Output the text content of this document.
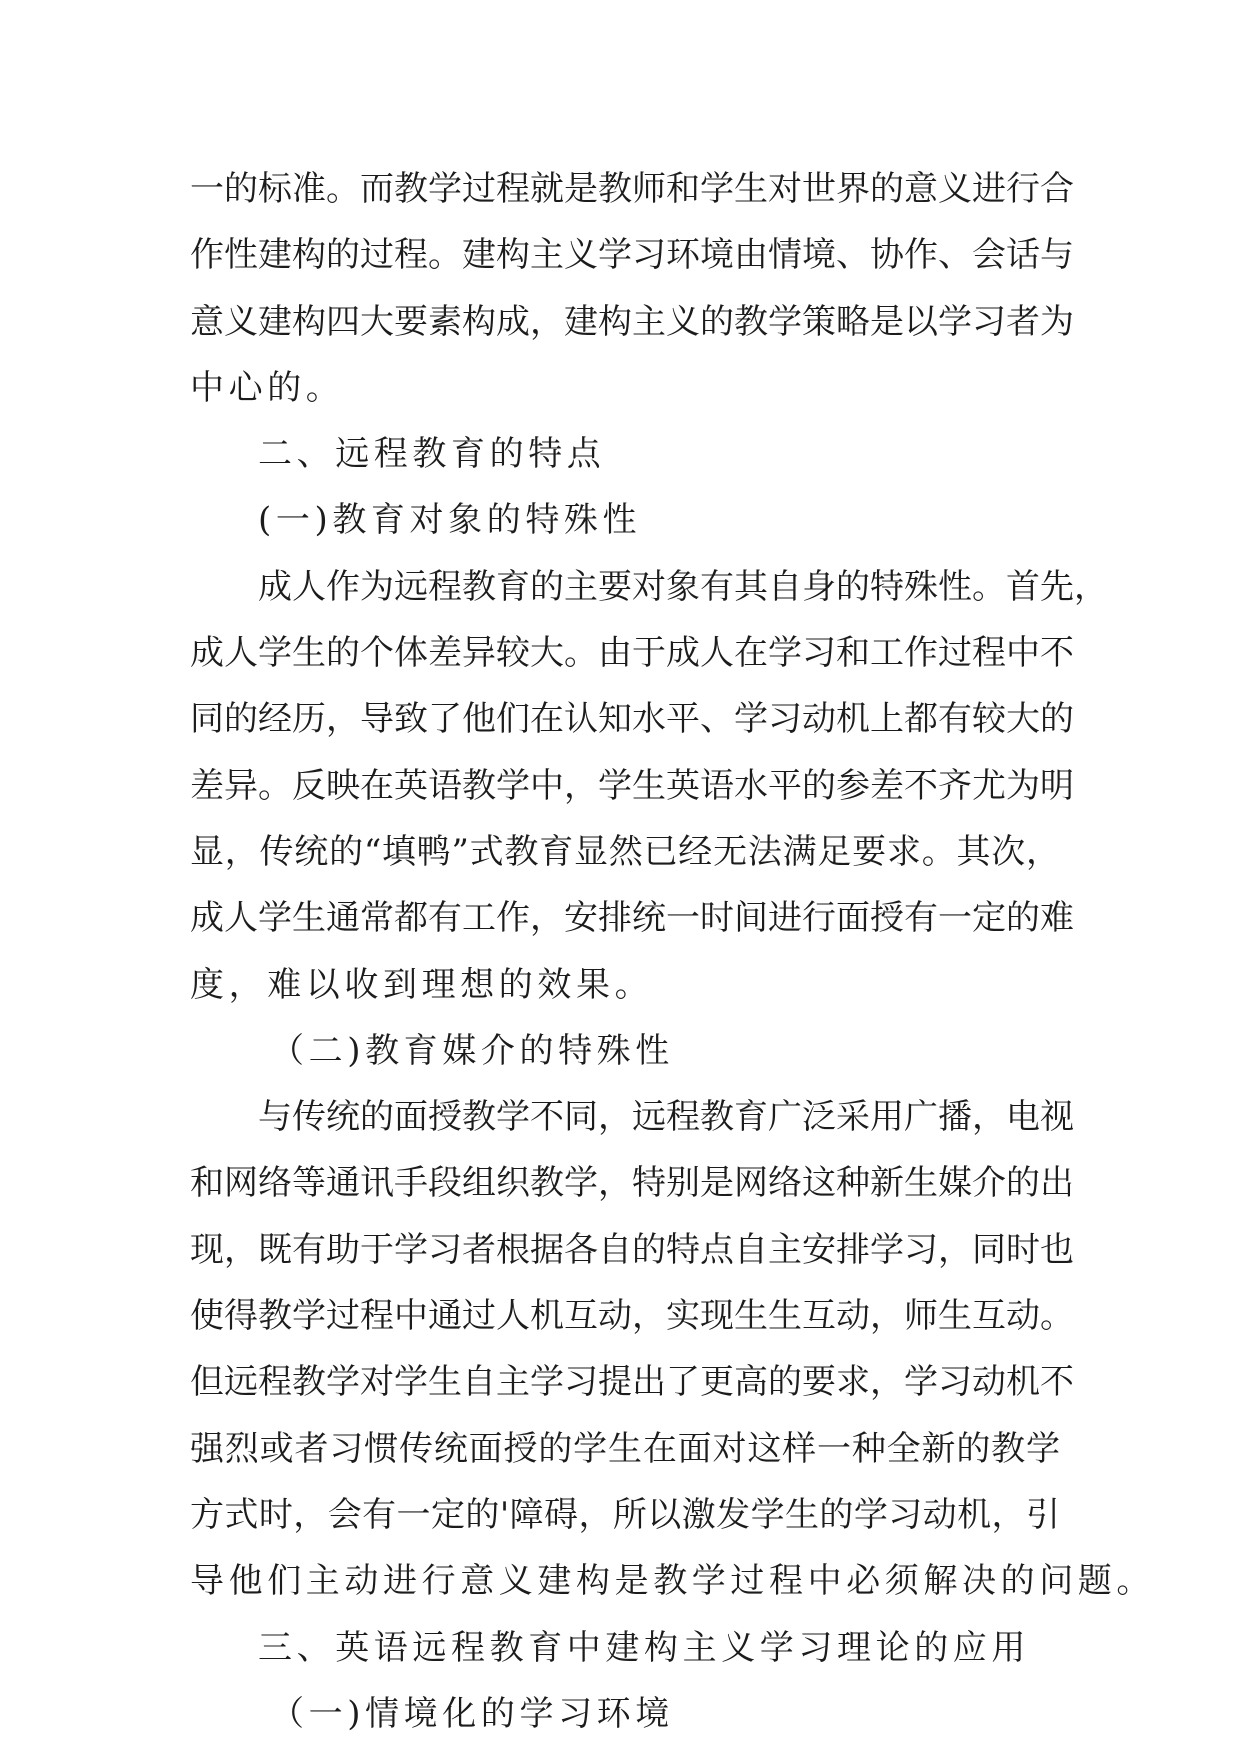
一的标准。而教学过程就是教师和学生对世界的意义进行合
作性建构的过程。建构主义学习环境由情境、协作、会话与
意义建构四大要素构成，建构主义的教学策略是以学习者为
中心的。
二、远程教育的特点
(一)教育对象的特殊性
成人作为远程教育的主要对象有其自身的特殊性。首先，
成人学生的个体差异较大。由于成人在学习和工作过程中不
同的经历，导致了他们在认知水平、学习动机上都有较大的
差异。反映在英语教学中，学生英语水平的参差不齐尤为明
显，传统的“填鸭”式教育显然已经无法满足要求。其次，
成人学生通常都有工作，安排统一时间进行面授有一定的难
度，难以收到理想的效果。
（二)教育媒介的特殊性
与传统的面授教学不同，远程教育广泛采用广播，电视
和网络等通讯手段组织教学，特别是网络这种新生媒介的出
现，既有助于学习者根据各自的特点自主安排学习，同时也
使得教学过程中通过人机互动，实现生生互动，师生互动。
但远程教学对学生自主学习提出了更高的要求，学习动机不
强烈或者习惯传统面授的学生在面对这样一种全新的教学
方式时，会有一定的'障碍，所以激发学生的学习动机，引
导他们主动进行意义建构是教学过程中必须解决的问题。
三、英语远程教育中建构主义学习理论的应用
（一)情境化的学习环境
